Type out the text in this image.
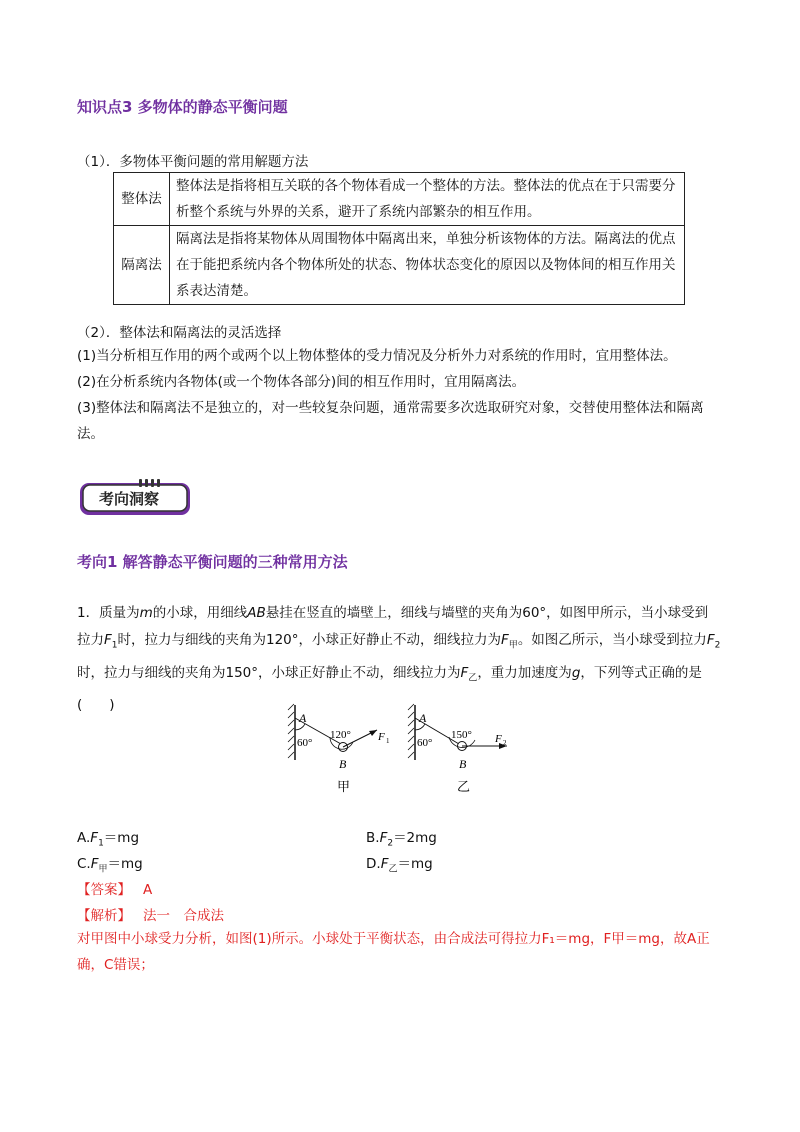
知识点3 多物体的静态平衡问题
（1）．多物体平衡问题的常用解题方法
整体法	整体法是指将相互关联的各个物体看成一个整体的方法。整体法的优点在于只需要分析整个系统与外界的关系，避开了系统内部繁杂的相互作用。
隔离法	隔离法是指将某物体从周围物体中隔离出来，单独分析该物体的方法。隔离法的优点在于能把系统内各个物体所处的状态、物体状态变化的原因以及物体间的相互作用关系表达清楚。
（2）．整体法和隔离法的灵活选择
(1)当分析相互作用的两个或两个以上物体整体的受力情况及分析外力对系统的作用时，宜用整体法。
(2)在分析系统内各物体(或一个物体各部分)间的相互作用时，宜用隔离法。
(3)整体法和隔离法不是独立的，对一些较复杂问题，通常需要多次选取研究对象，交替使用整体法和隔离法。
考向洞察
考向1 解答静态平衡问题的三种常用方法
1．质量为m的小球，用细线AB悬挂在竖直的墙壁上，细线与墙壁的夹角为60°，如图甲所示，当小球受到拉力$F_1$时，拉力与细线的夹角为120°，小球正好静止不动，细线拉力为$F_甲$。如图乙所示，当小球受到拉力$F_2$时，拉力与细线的夹角为150°，小球正好静止不动，细线拉力为$F_乙$，重力加速度为g，下列等式正确的是(　　)
A
60°
120°
B
F 1
甲
A
60°
150°
B
F 2
乙
$A.F_1=mg$	$B.F_2=2mg$
$C.F_甲=mg$	$D.F_乙=mg$
【答案】 A
【解析】 法一　合成法
对甲图中小球受力分析，如图(1)所示。小球处于平衡状态，由合成法可得拉力F₁＝mg，F甲＝mg，故A正确，C错误；
